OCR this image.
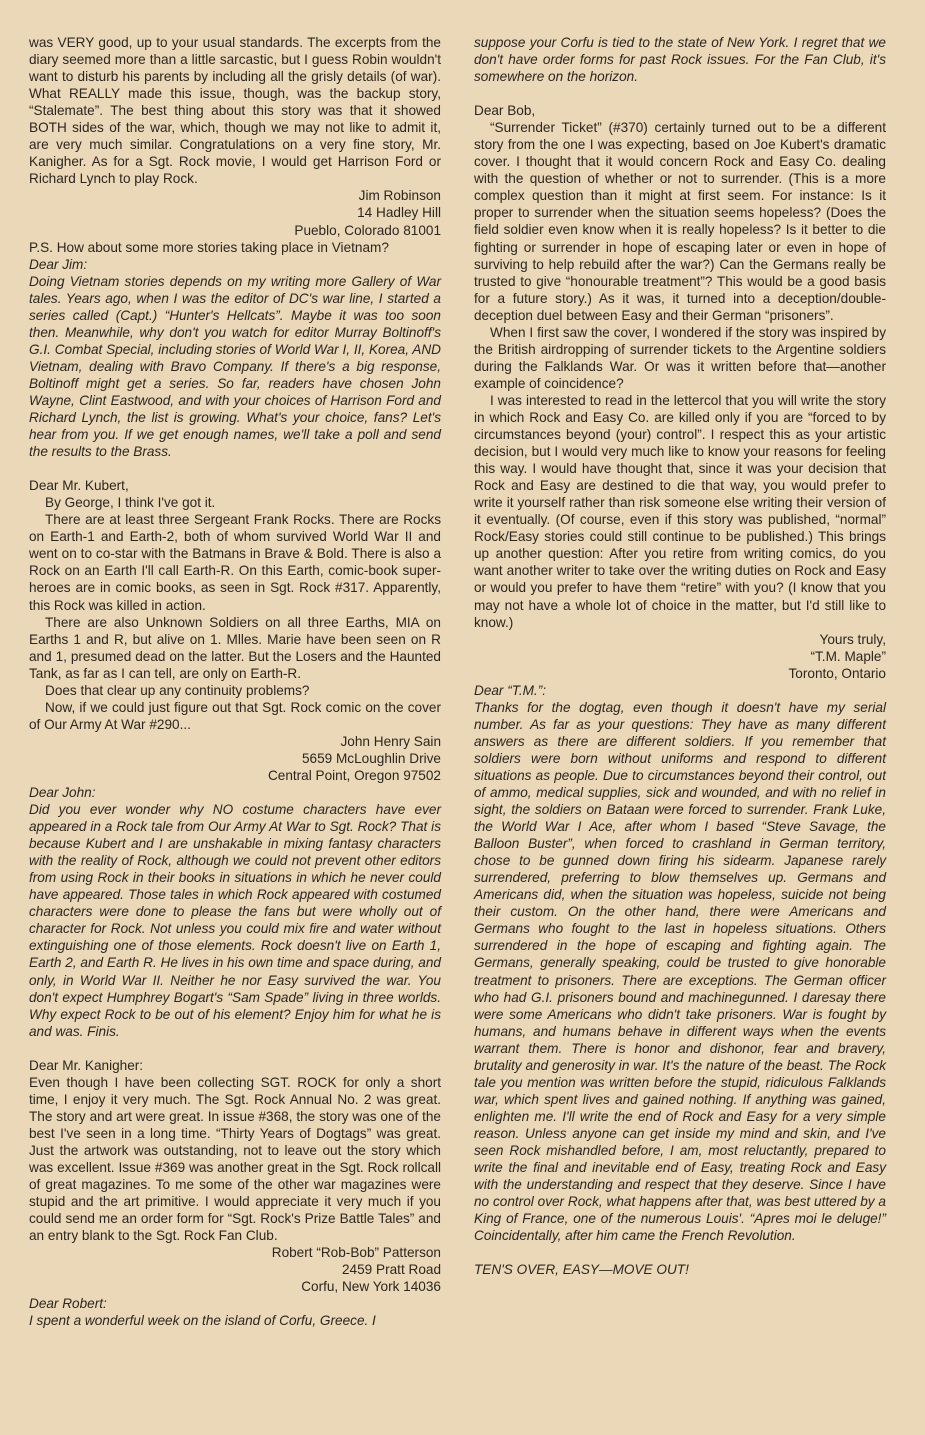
was VERY good, up to your usual standards. The excerpts from the diary seemed more than a little sarcastic, but I guess Robin wouldn't want to disturb his parents by including all the grisly details (of war). What REALLY made this issue, though, was the backup story, “Stalemate”. The best thing about this story was that it showed BOTH sides of the war, which, though we may not like to admit it, are very much similar. Congratulations on a very fine story, Mr. Kanigher. As for a Sgt. Rock movie, I would get Harrison Ford or Richard Lynch to play Rock.

Jim Robinson

14 Hadley Hill

Pueblo, Colorado 81001

P.S. How about some more stories taking place in Vietnam?

Dear Jim:

Doing Vietnam stories depends on my writing more Gallery of War tales. Years ago, when I was the editor of DC's war line, I started a series called (Capt.) “Hunter's Hellcats”. Maybe it was too soon then. Meanwhile, why don't you watch for editor Murray Boltinoff's G.I. Combat Special, including stories of World War I, II, Korea, AND Vietnam, dealing with Bravo Company. If there's a big response, Boltinoff might get a series. So far, readers have chosen John Wayne, Clint Eastwood, and with your choices of Harrison Ford and Richard Lynch, the list is growing. What's your choice, fans? Let's hear from you. If we get enough names, we'll take a poll and send the results to the Brass.

Dear Mr. Kubert,

By George, I think I've got it.

There are at least three Sergeant Frank Rocks. There are Rocks on Earth-1 and Earth-2, both of whom survived World War II and went on to co-star with the Batmans in Brave & Bold. There is also a Rock on an Earth I'll call Earth-R. On this Earth, comic-book super-heroes are in comic books, as seen in Sgt. Rock #317. Apparently, this Rock was killed in action.

There are also Unknown Soldiers on all three Earths, MIA on Earths 1 and R, but alive on 1. Mlles. Marie have been seen on R and 1, presumed dead on the latter. But the Losers and the Haunted Tank, as far as I can tell, are only on Earth-R.

Does that clear up any continuity problems?

Now, if we could just figure out that Sgt. Rock comic on the cover of Our Army At War #290...

John Henry Sain

5659 McLoughlin Drive

Central Point, Oregon 97502

Dear John:

Did you ever wonder why NO costume characters have ever appeared in a Rock tale from Our Army At War to Sgt. Rock? That is because Kubert and I are unshakable in mixing fantasy characters with the reality of Rock, although we could not prevent other editors from using Rock in their books in situations in which he never could have appeared. Those tales in which Rock appeared with costumed characters were done to please the fans but were wholly out of character for Rock. Not unless you could mix fire and water without extinguishing one of those elements. Rock doesn't live on Earth 1, Earth 2, and Earth R. He lives in his own time and space during, and only, in World War II. Neither he nor Easy survived the war. You don't expect Humphrey Bogart's “Sam Spade” living in three worlds. Why expect Rock to be out of his element? Enjoy him for what he is and was. Finis.

Dear Mr. Kanigher:

Even though I have been collecting SGT. ROCK for only a short time, I enjoy it very much. The Sgt. Rock Annual No. 2 was great. The story and art were great. In issue #368, the story was one of the best I've seen in a long time. “Thirty Years of Dogtags” was great. Just the artwork was outstanding, not to leave out the story which was excellent. Issue #369 was another great in the Sgt. Rock rollcall of great magazines. To me some of the other war magazines were stupid and the art primitive. I would appreciate it very much if you could send me an order form for “Sgt. Rock's Prize Battle Tales” and an entry blank to the Sgt. Rock Fan Club.

Robert “Rob-Bob” Patterson

2459 Pratt Road

Corfu, New York 14036

Dear Robert:

I spent a wonderful week on the island of Corfu, Greece. I

suppose your Corfu is tied to the state of New York. I regret that we don't have order forms for past Rock issues. For the Fan Club, it's somewhere on the horizon.

Dear Bob,

“Surrender Ticket” (#370) certainly turned out to be a different story from the one I was expecting, based on Joe Kubert's dramatic cover. I thought that it would concern Rock and Easy Co. dealing with the question of whether or not to surrender. (This is a more complex question than it might at first seem. For instance: Is it proper to surrender when the situation seems hopeless? (Does the field soldier even know when it is really hopeless? Is it better to die fighting or surrender in hope of escaping later or even in hope of surviving to help rebuild after the war?) Can the Germans really be trusted to give “honourable treatment”? This would be a good basis for a future story.) As it was, it turned into a deception/double-deception duel between Easy and their German “prisoners”.

When I first saw the cover, I wondered if the story was inspired by the British airdropping of surrender tickets to the Argentine soldiers during the Falklands War. Or was it written before that—another example of coincidence?

I was interested to read in the lettercol that you will write the story in which Rock and Easy Co. are killed only if you are “forced to by circumstances beyond (your) control”. I respect this as your artistic decision, but I would very much like to know your reasons for feeling this way. I would have thought that, since it was your decision that Rock and Easy are destined to die that way, you would prefer to write it yourself rather than risk someone else writing their version of it eventually. (Of course, even if this story was published, “normal” Rock/Easy stories could still continue to be published.) This brings up another question: After you retire from writing comics, do you want another writer to take over the writing duties on Rock and Easy or would you prefer to have them “retire” with you? (I know that you may not have a whole lot of choice in the matter, but I'd still like to know.)

Yours truly,

“T.M. Maple”

Toronto, Ontario

Dear “T.M.”:

Thanks for the dogtag, even though it doesn't have my serial number. As far as your questions: They have as many different answers as there are different soldiers. If you remember that soldiers were born without uniforms and respond to different situations as people. Due to circumstances beyond their control, out of ammo, medical supplies, sick and wounded, and with no relief in sight, the soldiers on Bataan were forced to surrender. Frank Luke, the World War I Ace, after whom I based “Steve Savage, the Balloon Buster”, when forced to crashland in German territory, chose to be gunned down firing his sidearm. Japanese rarely surrendered, preferring to blow themselves up. Germans and Americans did, when the situation was hopeless, suicide not being their custom. On the other hand, there were Americans and Germans who fought to the last in hopeless situations. Others surrendered in the hope of escaping and fighting again. The Germans, generally speaking, could be trusted to give honorable treatment to prisoners. There are exceptions. The German officer who had G.I. prisoners bound and machinegunned. I daresay there were some Americans who didn't take prisoners. War is fought by humans, and humans behave in different ways when the events warrant them. There is honor and dishonor, fear and bravery, brutality and generosity in war. It's the nature of the beast. The Rock tale you mention was written before the stupid, ridiculous Falklands war, which spent lives and gained nothing. If anything was gained, enlighten me. I'll write the end of Rock and Easy for a very simple reason. Unless anyone can get inside my mind and skin, and I've seen Rock mishandled before, I am, most reluctantly, prepared to write the final and inevitable end of Easy, treating Rock and Easy with the understanding and respect that they deserve. Since I have no control over Rock, what happens after that, was best uttered by a King of France, one of the numerous Louis'. “Apres moi le deluge!” Coincidentally, after him came the French Revolution.

TEN'S OVER, EASY—MOVE OUT!
